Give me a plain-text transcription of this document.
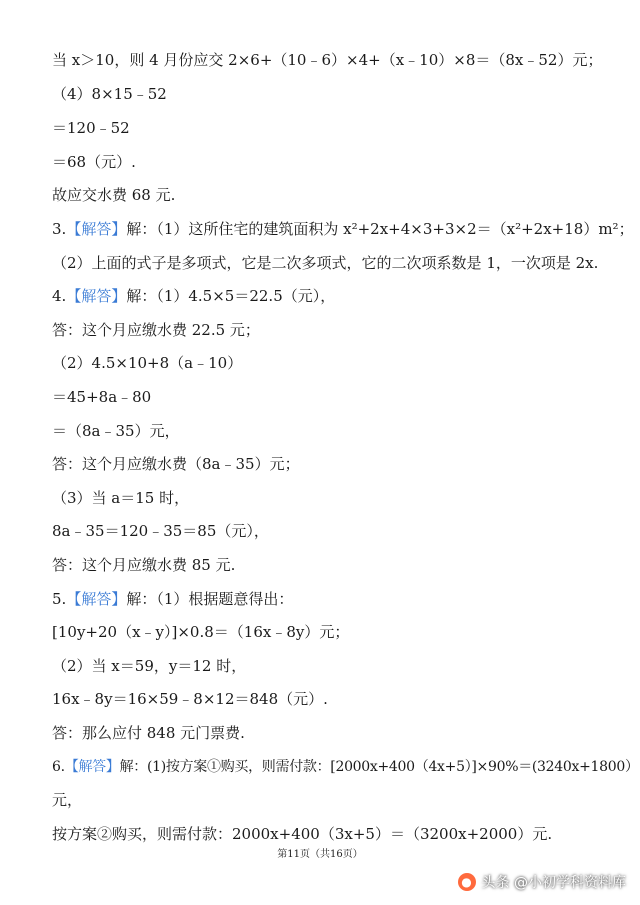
当 x＞10，则 4 月份应交 2×6+（10﹣6）×4+（x﹣10）×8＝（8x﹣52）元；
（4）8×15﹣52
＝120﹣52
＝68（元）.
故应交水费 68 元.
3.【解答】解：（1）这所住宅的建筑面积为 x²+2x+4×3+3×2＝（x²+2x+18）m²；
（2）上面的式子是多项式，它是二次多项式，它的二次项系数是 1，一次项是 2x.
4.【解答】解：（1）4.5×5＝22.5（元），
答：这个月应缴水费 22.5 元；
（2）4.5×10+8（a﹣10）
＝45+8a﹣80
＝（8a﹣35）元，
答：这个月应缴水费（8a﹣35）元；
（3）当 a＝15 时，
8a﹣35＝120﹣35＝85（元），
答：这个月应缴水费 85 元.
5.【解答】解：（1）根据题意得出：
[10y+20（x﹣y）]×0.8＝（16x﹣8y）元；
（2）当 x＝59，y＝12 时，
16x﹣8y＝16×59﹣8×12＝848（元）.
答：那么应付 848 元门票费.
6.【解答】解：(1)按方案①购买，则需付款：[2000x+400（4x+5）]×90%＝(3240x+1800）
元，
按方案②购买，则需付款：2000x+400（3x+5）＝（3200x+2000）元.
第11页（共16页）
● 头条 @小初学科资料库
